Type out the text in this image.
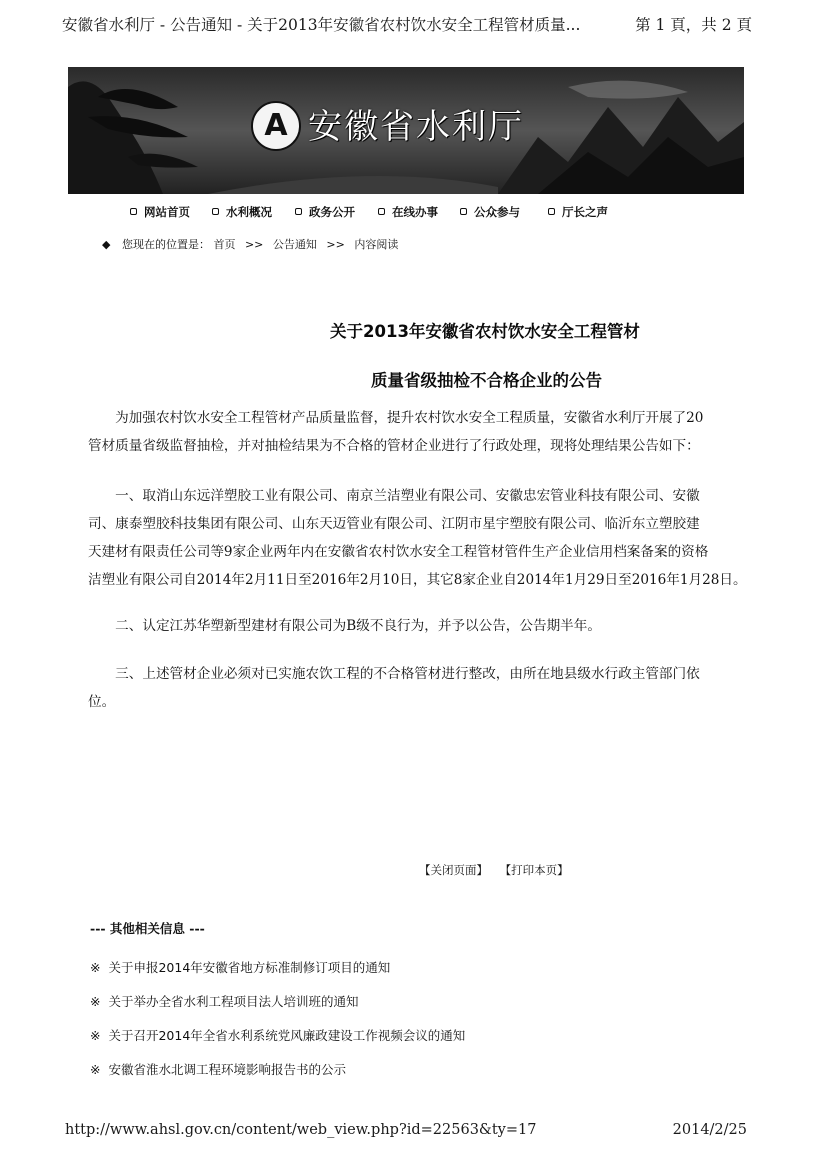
安徽省水利厅 - 公告通知 - 关于2013年安徽省农村饮水安全工程管材质量...	第 1 頁，共 2 頁
A 安徽省水利厅
网站首页	水利概况	政务公开	在线办事	公众参与	厅长之声
◆ 您现在的位置是： 首页 >> 公告通知 >> 内容阅读
关于2013年安徽省农村饮水安全工程管材
质量省级抽检不合格企业的公告
　　为加强农村饮水安全工程管材产品质量监督，提升农村饮水安全工程质量，安徽省水利厅开展了20
管材质量省级监督抽检，并对抽检结果为不合格的管材企业进行了行政处理，现将处理结果公告如下：
　　一、取消山东远洋塑胶工业有限公司、南京兰洁塑业有限公司、安徽忠宏管业科技有限公司、安徽
司、康泰塑胶科技集团有限公司、山东天迈管业有限公司、江阴市星宇塑胶有限公司、临沂东立塑胶建
天建材有限责任公司等9家企业两年内在安徽省农村饮水安全工程管材管件生产企业信用档案备案的资格
洁塑业有限公司自2014年2月11日至2016年2月10日，其它8家企业自2014年1月29日至2016年1月28日。
　　二、认定江苏华塑新型建材有限公司为B级不良行为，并予以公告，公告期半年。
　　三、上述管材企业必须对已实施农饮工程的不合格管材进行整改，由所在地县级水行政主管部门依
位。
【关闭页面】 【打印本页】
--- 其他相关信息 ---
※ 关于申报2014年安徽省地方标准制修订项目的通知
※ 关于举办全省水利工程项目法人培训班的通知
※ 关于召开2014年全省水利系统党风廉政建设工作视频会议的通知
※ 安徽省淮水北调工程环境影响报告书的公示
http://www.ahsl.gov.cn/content/web_view.php?id=22563&ty=17	2014/2/25
